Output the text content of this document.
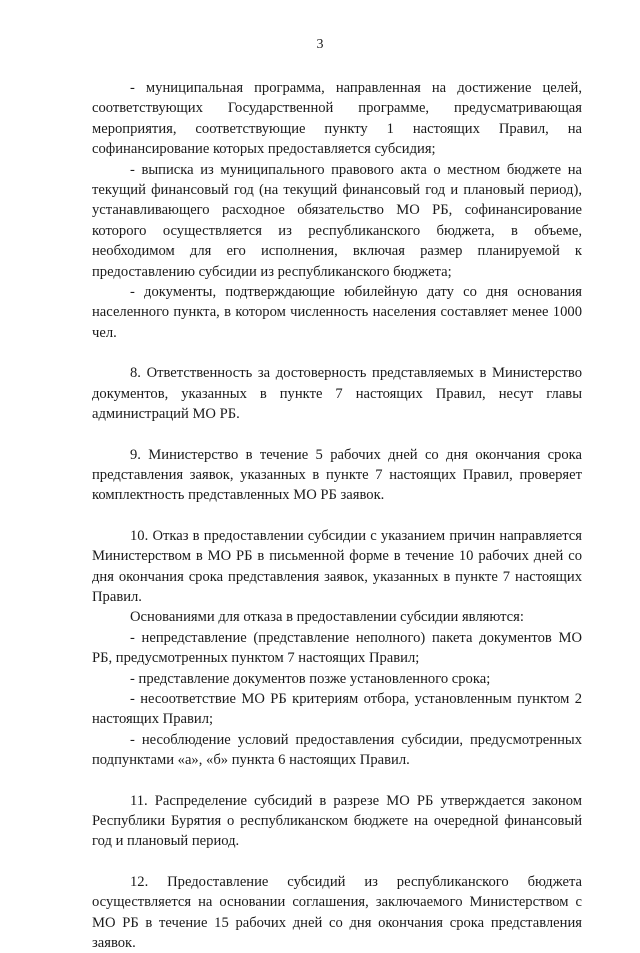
3

- муниципальная программа, направленная на достижение целей, соответствующих Государственной программе, предусматривающая мероприятия, соответствующие пункту 1 настоящих Правил, на софинансирование которых предоставляется субсидия;

- выписка из муниципального правового акта о местном бюджете на текущий финансовый год (на текущий финансовый год и плановый период), устанавливающего расходное обязательство МО РБ, софинансирование которого осуществляется из республиканского бюджета, в объеме, необходимом для его исполнения, включая размер планируемой к предоставлению субсидии из республиканского бюджета;

- документы, подтверждающие юбилейную дату со дня основания населенного пункта, в котором численность населения составляет менее 1000 чел.

8. Ответственность за достоверность представляемых в Министерство документов, указанных в пункте 7 настоящих Правил, несут главы администраций МО РБ.

9. Министерство в течение 5 рабочих дней со дня окончания срока представления заявок, указанных в пункте 7 настоящих Правил, проверяет комплектность представленных МО РБ заявок.

10. Отказ в предоставлении субсидии с указанием причин направляется Министерством в МО РБ в письменной форме в течение 10 рабочих дней со дня окончания срока представления заявок, указанных в пункте 7 настоящих Правил.

Основаниями для отказа в предоставлении субсидии являются:

- непредставление (представление неполного) пакета документов МО РБ, предусмотренных пунктом 7 настоящих Правил;

- представление документов позже установленного срока;

- несоответствие МО РБ критериям отбора, установленным пунктом 2 настоящих Правил;

- несоблюдение условий предоставления субсидии, предусмотренных подпунктами «а», «б» пункта 6 настоящих Правил.

11. Распределение субсидий в разрезе МО РБ утверждается законом Республики Бурятия о республиканском бюджете на очередной финансовый год и плановый период.

12. Предоставление субсидий из республиканского бюджета осуществляется на основании соглашения, заключаемого Министерством с МО РБ в течение 15 рабочих дней со дня окончания срока представления заявок.
